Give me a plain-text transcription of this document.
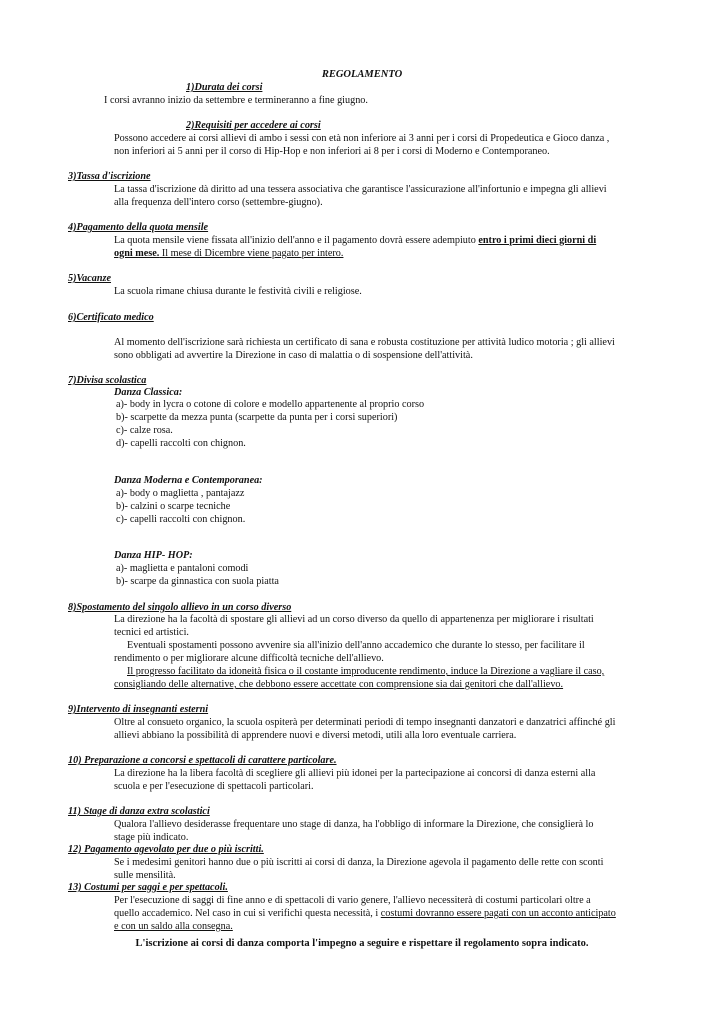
REGOLAMENTO
1)Durata dei corsi
I corsi avranno inizio da settembre e termineranno a fine giugno.
2)Requisiti per accedere ai corsi
Possono accedere ai corsi allievi di ambo i sessi con età non inferiore ai 3 anni per i corsi di Propedeutica e Gioco danza ,
non inferiori ai 5 anni per il corso di Hip-Hop e non inferiori ai 8 per i corsi di Moderno e Contemporaneo.
3)Tassa d'iscrizione
La tassa d'iscrizione dà diritto ad una tessera associativa che garantisce l'assicurazione all'infortunio e impegna gli allievi
alla frequenza dell'intero corso (settembre-giugno).
4)Pagamento della quota mensile
La quota mensile viene fissata all'inizio dell'anno e il pagamento dovrà essere adempiuto entro i primi dieci giorni di
ogni mese. Il mese di Dicembre viene pagato per intero.
5)Vacanze
La scuola rimane chiusa durante le festività civili e religiose.
6)Certificato medico
Al momento dell'iscrizione sarà richiesta un certificato di sana e robusta costituzione per attività ludico motoria ; gli allievi
sono obbligati ad avvertire la Direzione in caso di malattia o di sospensione dell'attività.
7)Divisa scolastica
Danza Classica:
a)- body in lycra o cotone di colore e modello appartenente al proprio corso
b)- scarpette da mezza punta (scarpette da punta per i corsi superiori)
c)- calze rosa.
d)- capelli raccolti con chignon.
Danza Moderna e Contemporanea:
a)- body o maglietta , pantajazz
b)- calzini o scarpe tecniche
c)- capelli raccolti con chignon.
Danza HIP- HOP:
a)- maglietta e pantaloni comodi
b)- scarpe da ginnastica con suola piatta
8)Spostamento del singolo allievo in un corso diverso
La direzione ha la facoltà di spostare gli allievi ad un corso diverso da quello di appartenenza per migliorare i risultati
tecnici ed artistici.
Eventuali spostamenti possono avvenire sia all'inizio dell'anno accademico che durante lo stesso, per facilitare il
rendimento o per migliorare alcune difficoltà tecniche dell'allievo.
Il progresso facilitato da idoneità fisica o il costante improducente rendimento, induce la Direzione a vagliare il caso,
consigliando delle alternative, che debbono essere accettate con comprensione sia dai genitori che dall'allievo.
9)Intervento di insegnanti esterni
Oltre al consueto organico, la scuola ospiterà per determinati periodi di tempo insegnanti danzatori e danzatrici affinché gli
allievi abbiano la possibilità di apprendere nuovi e diversi metodi, utili alla loro eventuale carriera.
10) Preparazione a concorsi e spettacoli di carattere particolare.
La direzione ha la libera facoltà di scegliere gli allievi più idonei per la partecipazione ai concorsi di danza esterni alla
scuola e per l'esecuzione di spettacoli particolari.
11) Stage di danza extra scolastici
Qualora l'allievo desiderasse frequentare uno stage di danza, ha l'obbligo di informare la Direzione, che consiglierà lo
stage più indicato.
12) Pagamento agevolato per due o più iscritti.
Se i medesimi genitori hanno due o più iscritti ai corsi di danza, la Direzione agevola il pagamento delle rette con sconti
sulle mensilità.
13) Costumi per saggi e per spettacoli.
Per l'esecuzione di saggi di fine anno e di spettacoli di vario genere, l'allievo necessiterà di costumi particolari oltre a
quello accademico. Nel caso in cui si verifichi questa necessità, i costumi dovranno essere pagati con un acconto anticipato
e con un saldo alla consegna.
L'iscrizione ai corsi di danza comporta l'impegno a seguire e rispettare il regolamento sopra indicato.
